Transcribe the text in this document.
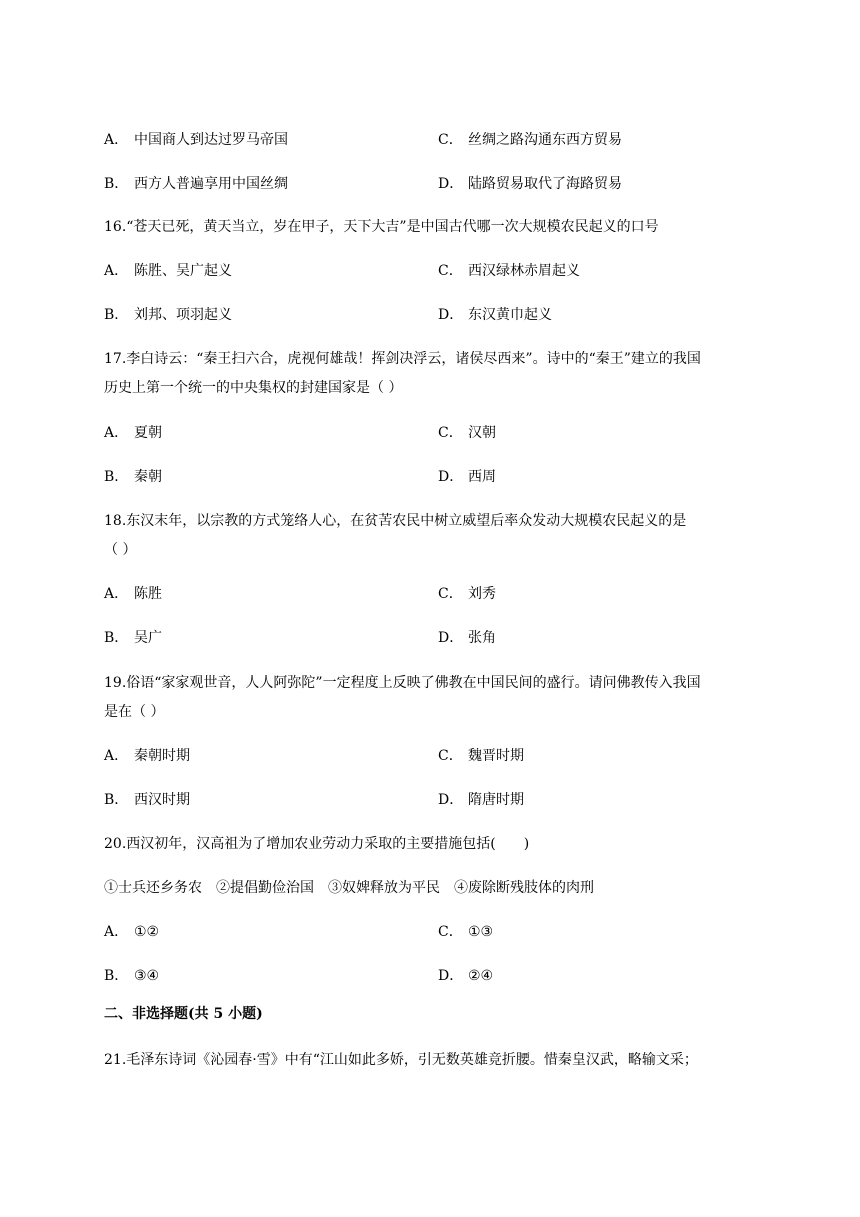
A． 中国商人到达过罗马帝国	C． 丝绸之路沟通东西方贸易
B． 西方人普遍享用中国丝绸	D． 陆路贸易取代了海路贸易
16.“苍天已死，黄天当立，岁在甲子，天下大吉”是中国古代哪一次大规模农民起义的口号
A． 陈胜、吴广起义	C． 西汉绿林赤眉起义
B． 刘邦、项羽起义	D． 东汉黄巾起义
17.李白诗云：“秦王扫六合，虎视何雄哉！挥剑决浮云，诸侯尽西来”。诗中的“秦王”建立的我国
历史上第一个统一的中央集权的封建国家是（ ）
A． 夏朝	C． 汉朝
B． 秦朝	D． 西周
18.东汉末年，以宗教的方式笼络人心，在贫苦农民中树立威望后率众发动大规模农民起义的是
（ ）
A． 陈胜	C． 刘秀
B． 吴广	D． 张角
19.俗语“家家观世音，人人阿弥陀”一定程度上反映了佛教在中国民间的盛行。请问佛教传入我国
是在（ ）
A． 秦朝时期	C． 魏晋时期
B． 西汉时期	D． 隋唐时期
20.西汉初年，汉高祖为了增加农业劳动力采取的主要措施包括(　　)
①士兵还乡务农　②提倡勤俭治国　③奴婢释放为平民　④废除断残肢体的肉刑
A． ①②	C． ①③
B． ③④	D． ②④
二、非选择题(共 5 小题)
21.毛泽东诗词《沁园春·雪》中有“江山如此多娇，引无数英雄竞折腰。惜秦皇汉武，略输文采；
